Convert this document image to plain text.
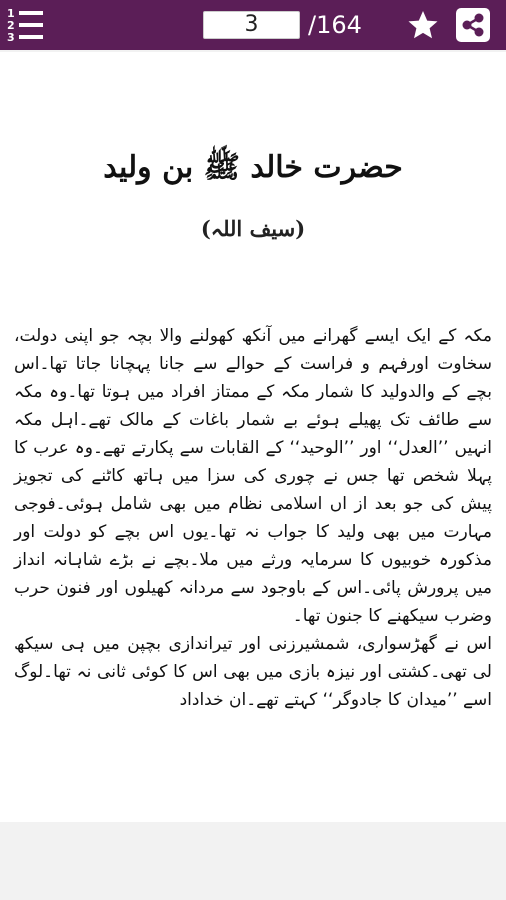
1
2
3
3	/164
حضرت خالد ﷺ بن ولید
(سیف اللہ)

مکہ کے ایک ایسے گھرانے میں آنکھ کھولنے والا بچہ جو اپنی دولت، سخاوت اورفہم و فراست کے حوالے سے جانا پہچانا جاتا تھا۔اس بچے کے والدولید کا شمار مکہ کے ممتاز افراد میں ہوتا تھا۔وہ مکہ سے طائف تک پھیلے ہوئے بے شمار باغات کے مالک تھے۔اہل مکہ انہیں ’’العدل‘‘ اور ’’الوحید‘‘ کے القابات سے پکارتے تھے۔وہ عرب کا پہلا شخص تھا جس نے چوری کی سزا میں ہاتھ کاٹنے کی تجویز پیش کی جو بعد از اں اسلامی نظام میں بھی شامل ہوئی۔فوجی مہارت میں بھی ولید کا جواب نہ تھا۔یوں اس بچے کو دولت اور مذکورہ خوبیوں کا سرمایہ ورثے میں ملا۔بچے نے بڑے شاہانہ انداز میں پرورش پائی۔اس کے باوجود سے مردانہ کھیلوں اور فنون حرب وضرب سیکھنے کا جنون تھا۔

اس نے گھڑسواری، شمشیرزنی اور تیراندازی بچپن میں ہی سیکھ لی تھی۔کشتی اور نیزہ بازی میں بھی اس کا کوئی ثانی نہ تھا۔لوگ اسے ’’میدان کا جادوگر‘‘ کہتے تھے۔ان خداداد
